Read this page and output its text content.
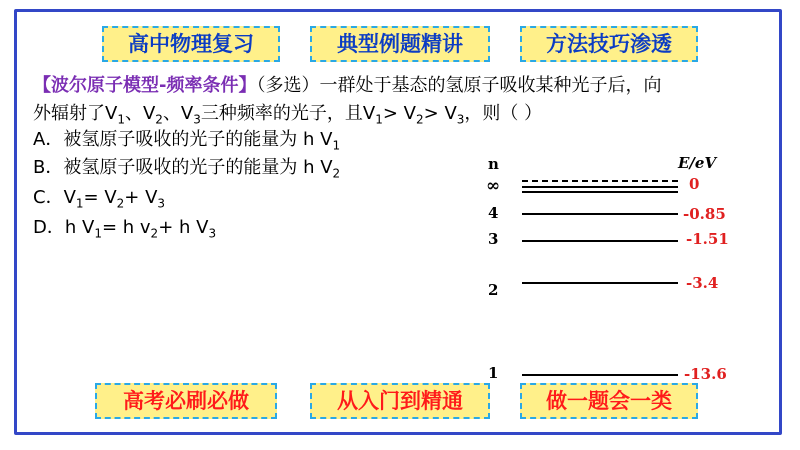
高中物理复习	典型例题精讲	方法技巧渗透
【波尔原子模型-频率条件】（多选）一群处于基态的氢原子吸收某种光子后，向
外辐射了$V_1$、$V_2$、$V_3$三种频率的光子，且$V_1> V_2> V_3$，则（ ）
A．被氢原子吸收的光子的能量为 h $V_1$
B．被氢原子吸收的光子的能量为 h $V_2$
C．$V_1= V_2+ V_3$
D．h $V_1= h$ $v_2+ h$ $V_3$
n	E/eV
∞	0
4	-0.85
3	-1.51
2	-3.4
1	-13.6
高考必刷必做	从入门到精通	做一题会一类
